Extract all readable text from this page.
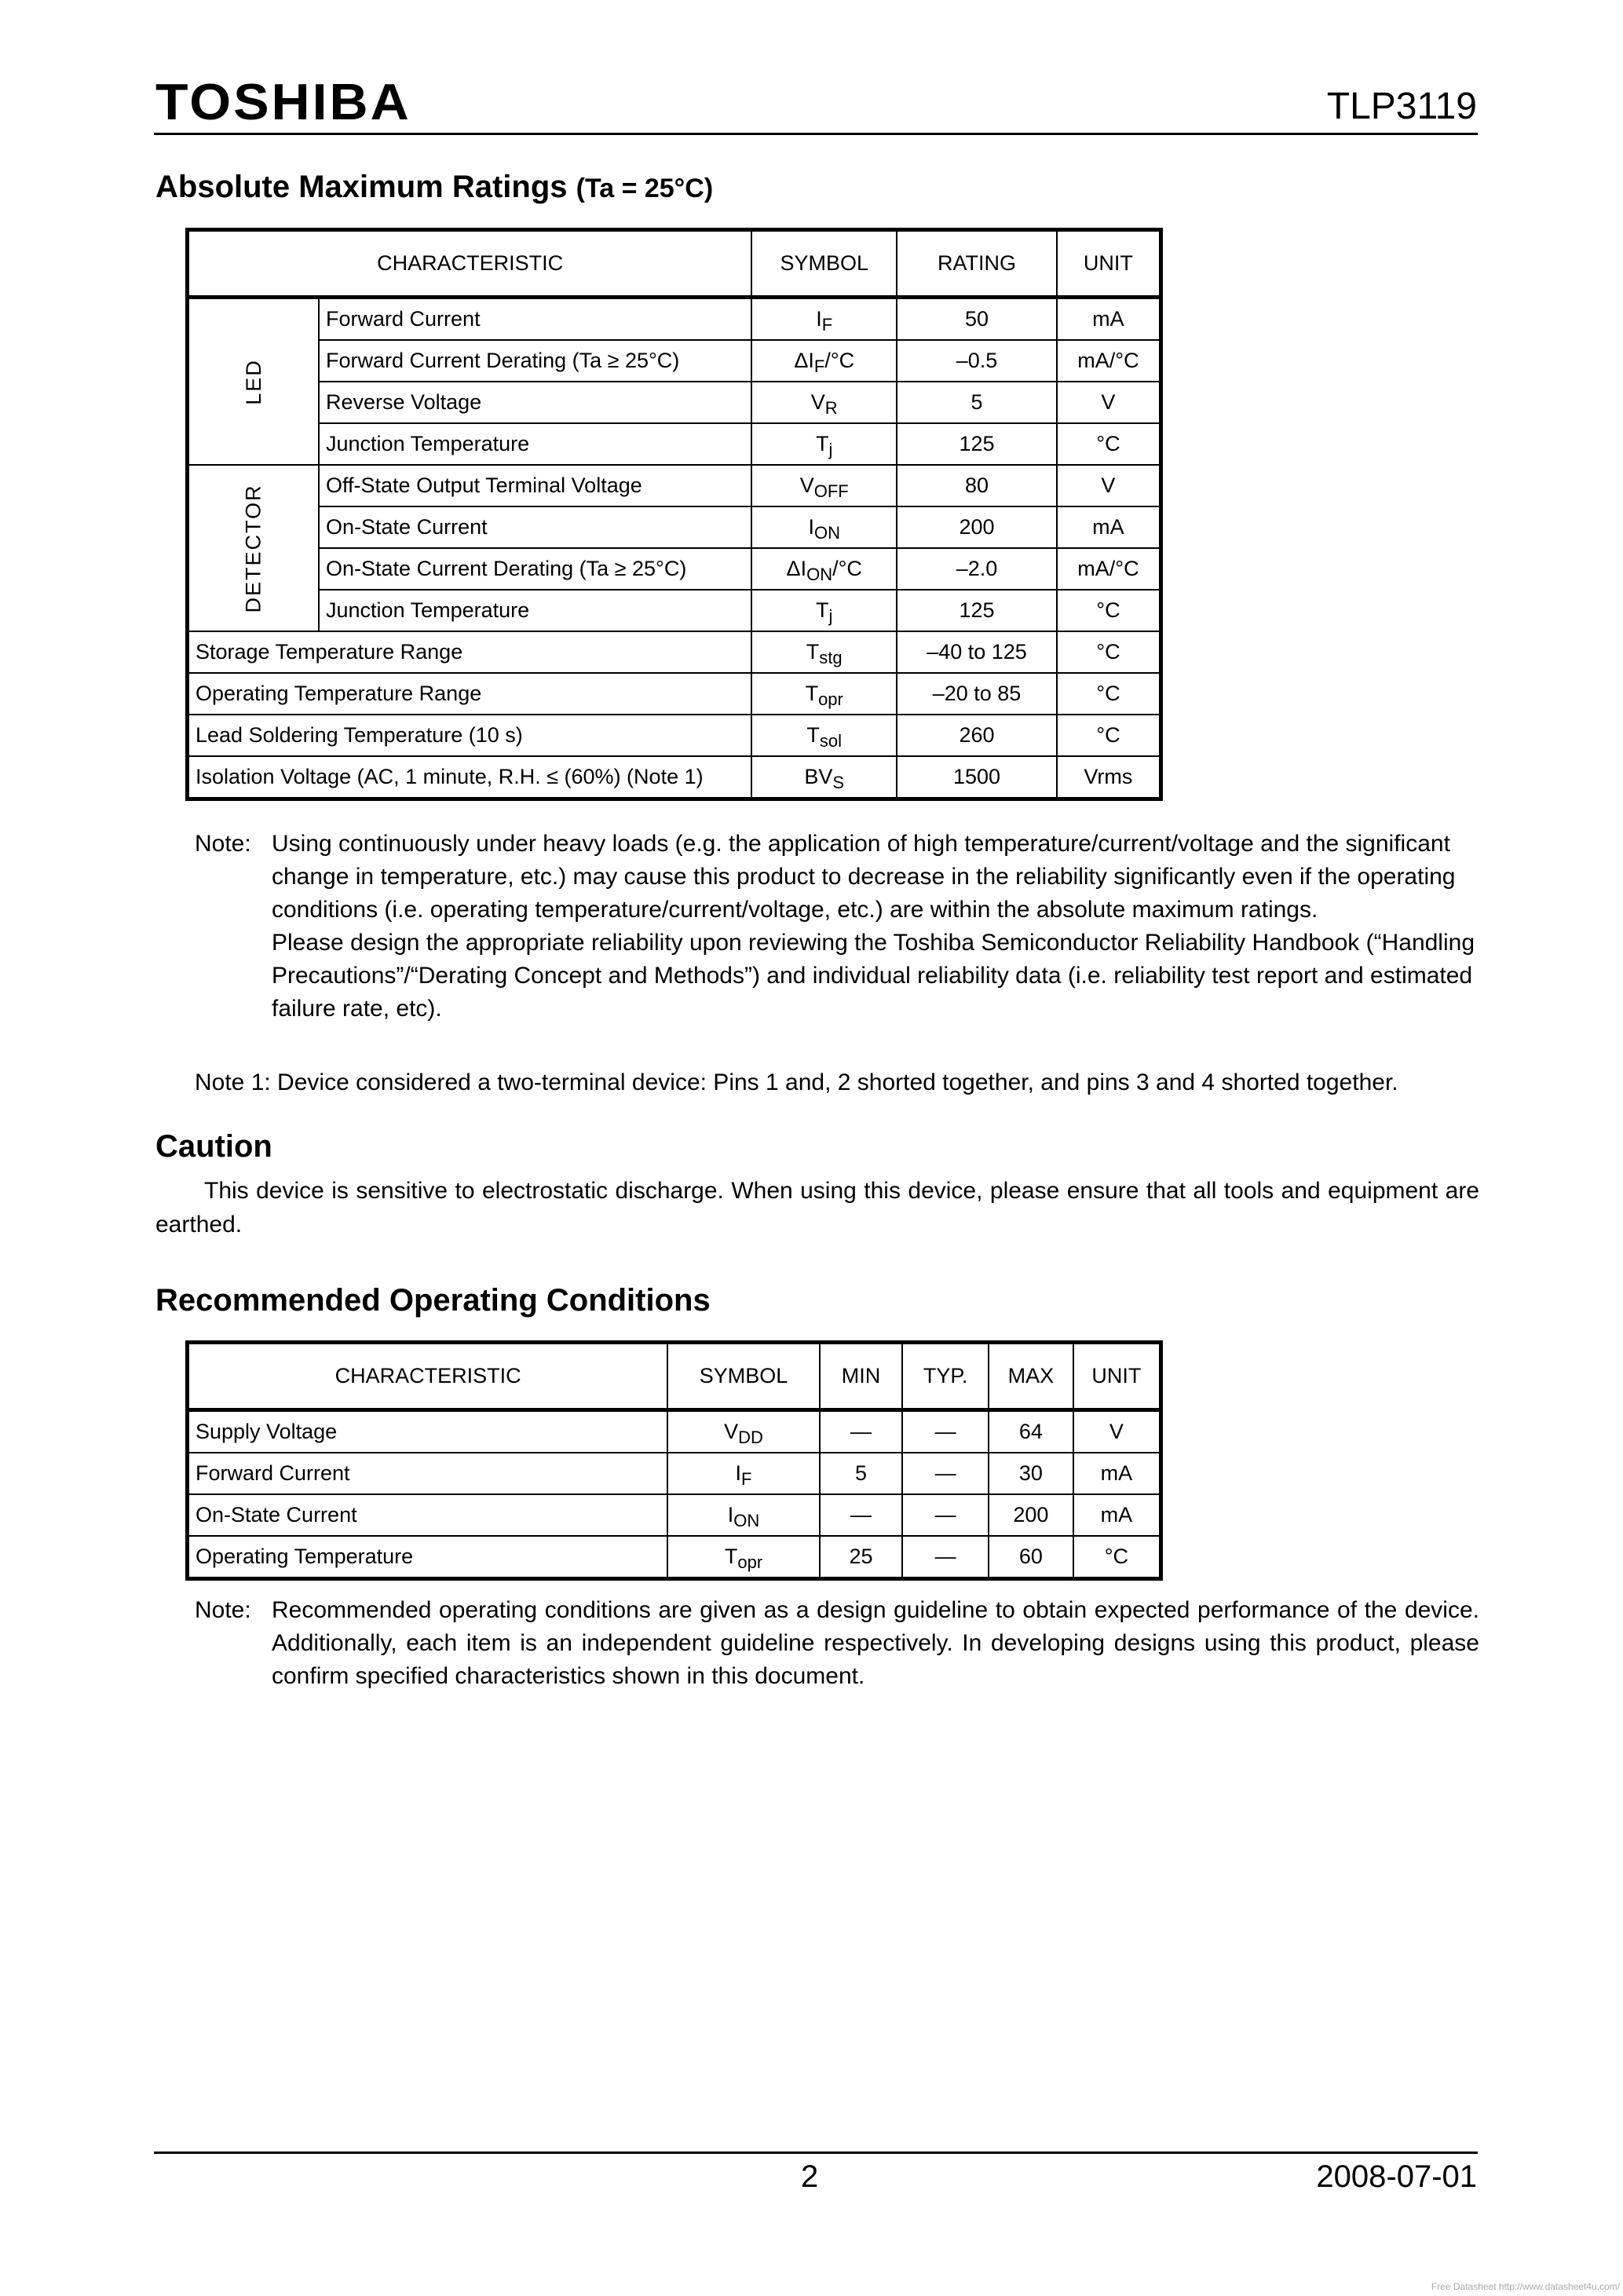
TOSHIBA	TLP3119
Absolute Maximum Ratings (Ta = 25°C)
CHARACTERISTIC		SYMBOL	RATING	UNIT
LED	Forward Current	$I_F$	50	mA
	Forward Current Derating (Ta ≥ 25°C)	$\Delta I_F/^\circ C$	–0.5	mA/°C
	Reverse Voltage	$V_R$	5	V
	Junction Temperature	$T_j$	125	°C
DETECTOR	Off-State Output Terminal Voltage	$V_{OFF}$	80	V
	On-State Current	$I_{ON}$	200	mA
	On-State Current Derating (Ta ≥ 25°C)	$\Delta I_{ON}/^\circ C$	–2.0	mA/°C
	Junction Temperature	$T_j$	125	°C
Storage Temperature Range		$T_{stg}$	–40 to 125	°C
Operating Temperature Range		$T_{opr}$	–20 to 85	°C
Lead Soldering Temperature (10 s)		$T_{sol}$	260	°C
Isolation Voltage (AC, 1 minute, R.H. ≤ (60%) (Note 1)		$BV_S$	1500	Vrms
Note: Using continuously under heavy loads (e.g. the application of high temperature/current/voltage and the significant change in temperature, etc.) may cause this product to decrease in the reliability significantly even if the operating conditions (i.e. operating temperature/current/voltage, etc.) are within the absolute maximum ratings.

Please design the appropriate reliability upon reviewing the Toshiba Semiconductor Reliability Handbook (“Handling Precautions”/“Derating Concept and Methods”) and individual reliability data (i.e. reliability test report and estimated failure rate, etc).

Note 1: Device considered a two-terminal device: Pins 1 and, 2 shorted together, and pins 3 and 4 shorted together.
Caution
This device is sensitive to electrostatic discharge. When using this device, please ensure that all tools and equipment are earthed.
Recommended Operating Conditions
CHARACTERISTIC	SYMBOL	MIN	TYP.	MAX	UNIT
Supply Voltage	$V_{DD}$	—	—	64	V
Forward Current	$I_F$	5	—	30	mA
On-State Current	$I_{ON}$	—	—	200	mA
Operating Temperature	$T_{opr}$	25	—	60	°C
Note: Recommended operating conditions are given as a design guideline to obtain expected performance of the device. Additionally, each item is an independent guideline respectively. In developing designs using this product, please confirm specified characteristics shown in this document.
2	2008-07-01
Free Datasheet http://www.datasheet4u.com/
